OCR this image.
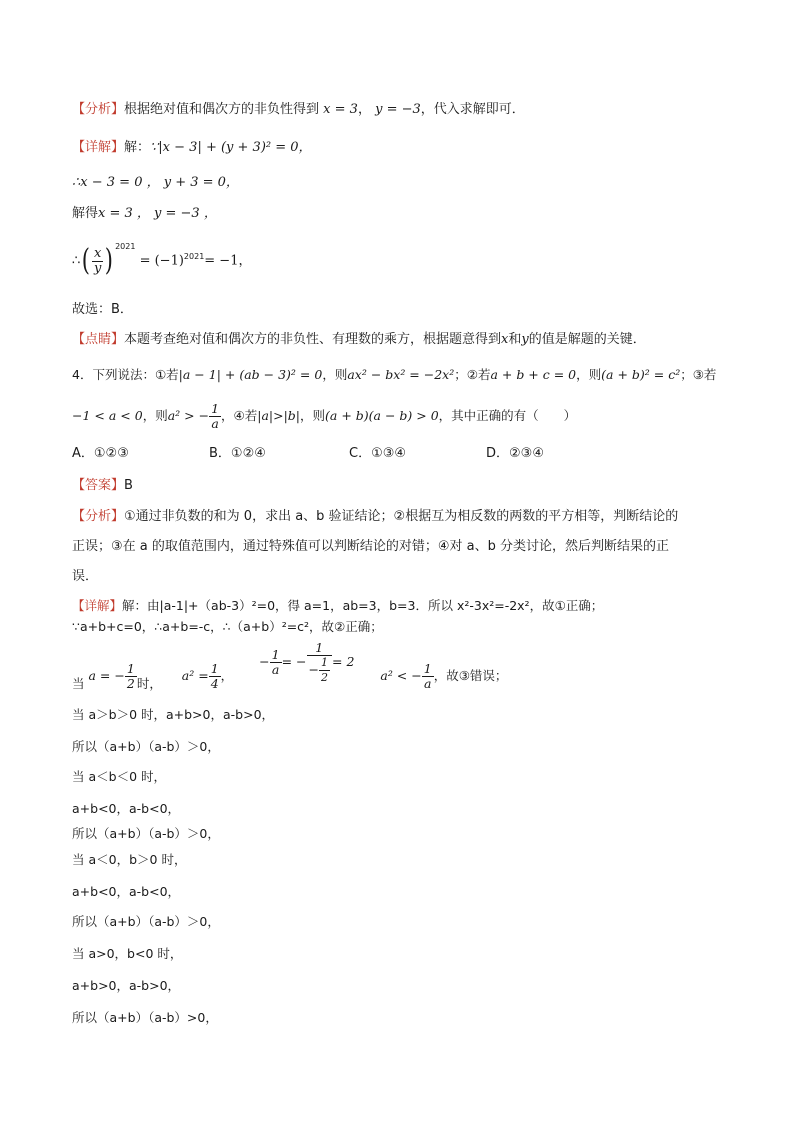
【分析】根据绝对值和偶次方的非负性得到 x = 3， y = −3，代入求解即可．
【详解】解：∵|x − 3| + (y + 3)² = 0，
∴x − 3 = 0 ， y + 3 = 0，
解得x = 3 ， y = −3 ，
∴( $\frac{x}{y}$ ) $^{2021} = (-1)^{2021}= -1$，
故选：B．
【点睛】本题考查绝对值和偶次方的非负性、有理数的乘方，根据题意得到x和y的值是解题的关键．
4．下列说法：①若|a − 1| + (ab − 3)² = 0，则ax² − bx² = −2x²；②若a + b + c = 0，则(a + b)² = c²；③若
−1 < a < 0，则a² > − $\frac{1}{a}$ ，④若|a|>|b|，则(a + b)(a − b) > 0，其中正确的有（　　）
A．①②③	B．①②④	C．①③④	D．②③④
【答案】B
【分析】①通过非负数的和为 0，求出 a、b 验证结论；②根据互为相反数的两数的平方相等，判断结论的
正误；③在 a 的取值范围内，通过特殊值可以判断结论的对错；④对 a、b 分类讨论，然后判断结果的正
误．
【详解】解：由|a-1|+（ab-3）²=0，得 a=1，ab=3，b=3．所以 x²-3x²=-2x²，故①正确；
∵a+b+c=0，∴a+b=-c，∴（a+b）²=c²，故②正确；
当 a = − $\frac{1}{2}$ 时，  $a^2 = \frac{1}{4}$ ，  − $\frac{1}{a}$ = − $\frac{1}{- \frac{1}{2}} = 2$  a² < − $\frac{1}{a}$ ，故③错误；
当 a＞b＞0 时，a+b>0，a-b>0，
所以（a+b）（a-b）＞0，
当 a＜b＜0 时，
a+b<0，a-b<0，
所以（a+b）（a-b）＞0，
当 a＜0，b＞0 时，
a+b<0，a-b<0，
所以（a+b）（a-b）＞0，
当 a>0，b<0 时，
a+b>0，a-b>0，
所以（a+b）（a-b）>0，
